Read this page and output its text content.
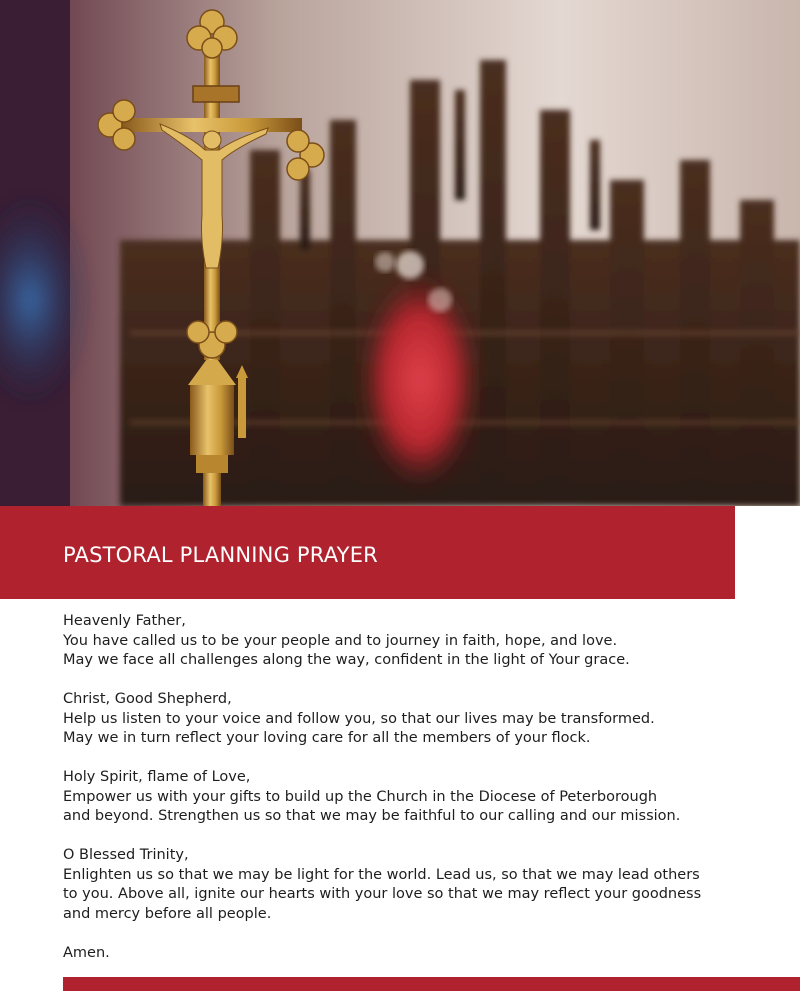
PASTORAL PLANNING PRAYER
Heavenly Father,
You have called us to be your people and to journey in faith, hope, and love.
May we face all challenges along the way, confident in the light of Your grace.
Christ, Good Shepherd,
Help us listen to your voice and follow you, so that our lives may be transformed.
May we in turn reflect your loving care for all the members of your flock.
Holy Spirit, flame of Love,
Empower us with your gifts to build up the Church in the Diocese of Peterborough
and beyond. Strengthen us so that we may be faithful to our calling and our mission.
O Blessed Trinity,
Enlighten us so that we may be light for the world. Lead us, so that we may lead others
to you. Above all, ignite our hearts with your love so that we may reflect your goodness
and mercy before all people.
Amen.
